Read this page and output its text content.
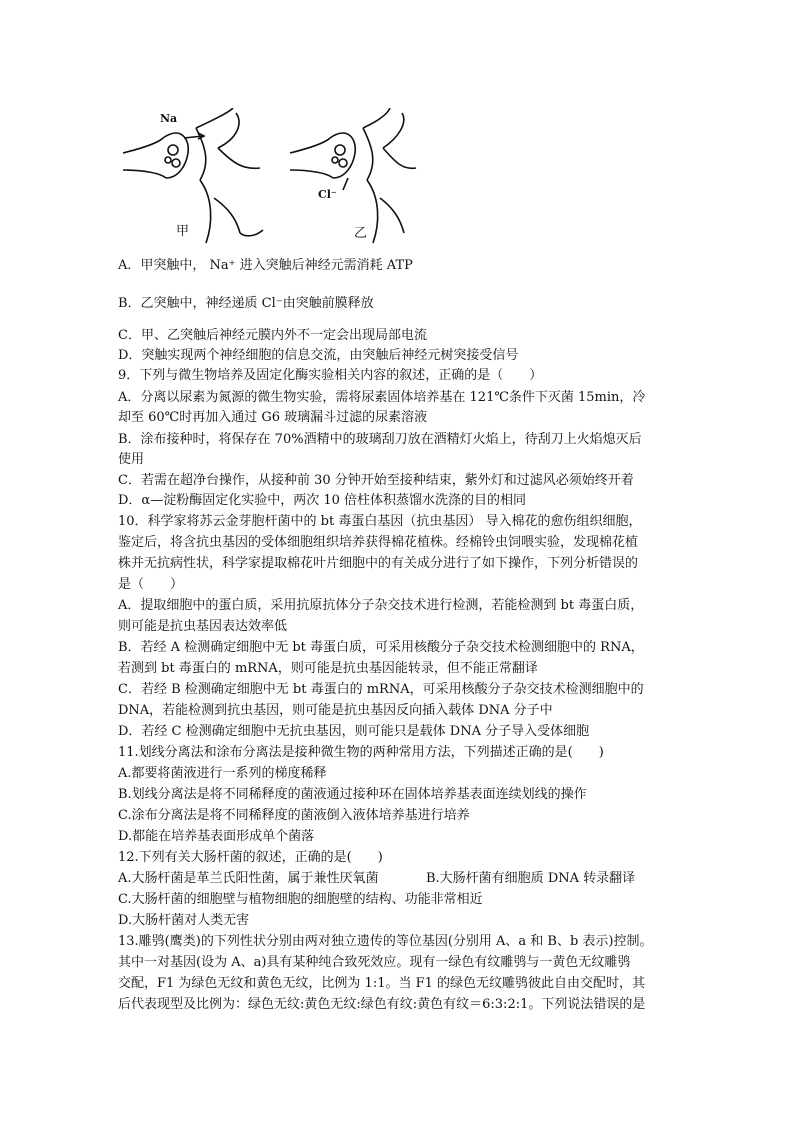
Na
Cl⁻
甲	乙
A．甲突触中， Na⁺ 进入突触后神经元需消耗 ATP
B．乙突触中，神经递质 Cl⁻由突触前膜释放
C．甲、乙突触后神经元膜内外不一定会出现局部电流
D．突触实现两个神经细胞的信息交流，由突触后神经元树突接受信号
9．下列与微生物培养及固定化酶实验相关内容的叙述，正确的是（　　）
A．分离以尿素为氮源的微生物实验，需将尿素固体培养基在 121℃条件下灭菌 15min，冷
却至 60℃时再加入通过 G6 玻璃漏斗过滤的尿素溶液
B．涂布接种时，将保存在 70%酒精中的玻璃刮刀放在酒精灯火焰上，待刮刀上火焰熄灭后
使用
C．若需在超净台操作，从接种前 30 分钟开始至接种结束，紫外灯和过滤风必须始终开着
D．α—淀粉酶固定化实验中，两次 10 倍柱体积蒸馏水洗涤的目的相同
10．科学家将苏云金芽胞杆菌中的 bt 毒蛋白基因（抗虫基因） 导入棉花的愈伤组织细胞，
鉴定后，将含抗虫基因的受体细胞组织培养获得棉花植株。经棉铃虫饲喂实验，发现棉花植
株并无抗病性状，科学家提取棉花叶片细胞中的有关成分进行了如下操作，下列分析错误的
是（　　）
A．提取细胞中的蛋白质，采用抗原抗体分子杂交技术进行检测，若能检测到 bt 毒蛋白质，
则可能是抗虫基因表达效率低
B．若经 A 检测确定细胞中无 bt 毒蛋白质，可采用核酸分子杂交技术检测细胞中的 RNA，
若测到 bt 毒蛋白的 mRNA，则可能是抗虫基因能转录，但不能正常翻译
C．若经 B 检测确定细胞中无 bt 毒蛋白的 mRNA，可采用核酸分子杂交技术检测细胞中的
DNA，若能检测到抗虫基因，则可能是抗虫基因反向插入载体 DNA 分子中
D．若经 C 检测确定细胞中无抗虫基因，则可能只是载体 DNA 分子导入受体细胞
11.划线分离法和涂布分离法是接种微生物的两种常用方法，下列描述正确的是(　　)
A.都要将菌液进行一系列的梯度稀释
B.划线分离法是将不同稀释度的菌液通过接种环在固体培养基表面连续划线的操作
C.涂布分离法是将不同稀释度的菌液倒入液体培养基进行培养
D.都能在培养基表面形成单个菌落
12.下列有关大肠杆菌的叙述，正确的是(　　)
A.大肠杆菌是革兰氏阳性菌，属于兼性厌氧菌	B.大肠杆菌有细胞质 DNA 转录翻译
C.大肠杆菌的细胞壁与植物细胞的细胞壁的结构、功能非常相近
D.大肠杆菌对人类无害
13.雕鸮(鹰类)的下列性状分别由两对独立遗传的等位基因(分别用 A、a 和 B、b 表示)控制。
其中一对基因(设为 A、a)具有某种纯合致死效应。现有一绿色有纹雕鸮与一黄色无纹雕鸮
交配，F1 为绿色无纹和黄色无纹，比例为 1:1。当 F1 的绿色无纹雕鸮彼此自由交配时，其
后代表现型及比例为：绿色无纹:黄色无纹:绿色有纹:黄色有纹＝6:3:2:1。下列说法错误的是
